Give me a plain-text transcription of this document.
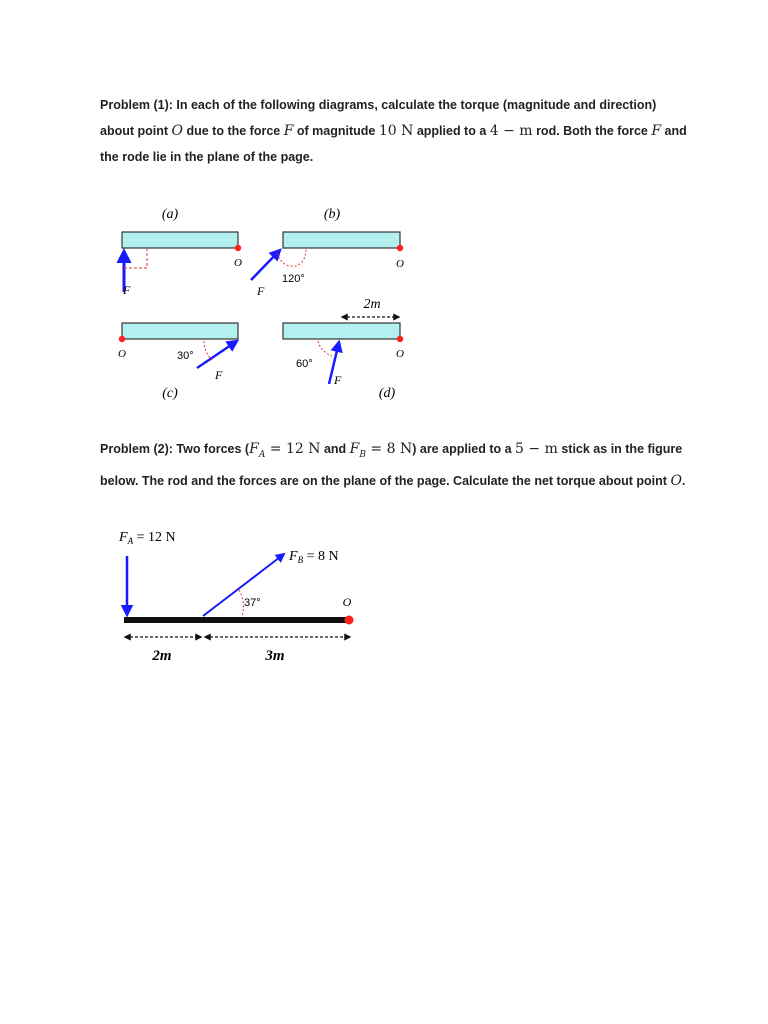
Problem (1): In each of the following diagrams, calculate the torque (magnitude and direction)
about point O due to the force F of magnitude 10 N applied to a 4 − m rod. Both the force F and
the rode lie in the plane of the page.
Problem (2): Two forces ($F_A = 12$ N and $F_B = 8$ N) are applied to a 5 − m stick as in the figure
below. The rod and the forces are on the plane of the page. Calculate the net torque about point O.
(a)
O
F
(b)
O
120°
F
2m
O	30°
F
(c)
O
60°
F
(d)
$F_A = 12$ N
O
$F_B = 8$ N
37°
2m	3m
